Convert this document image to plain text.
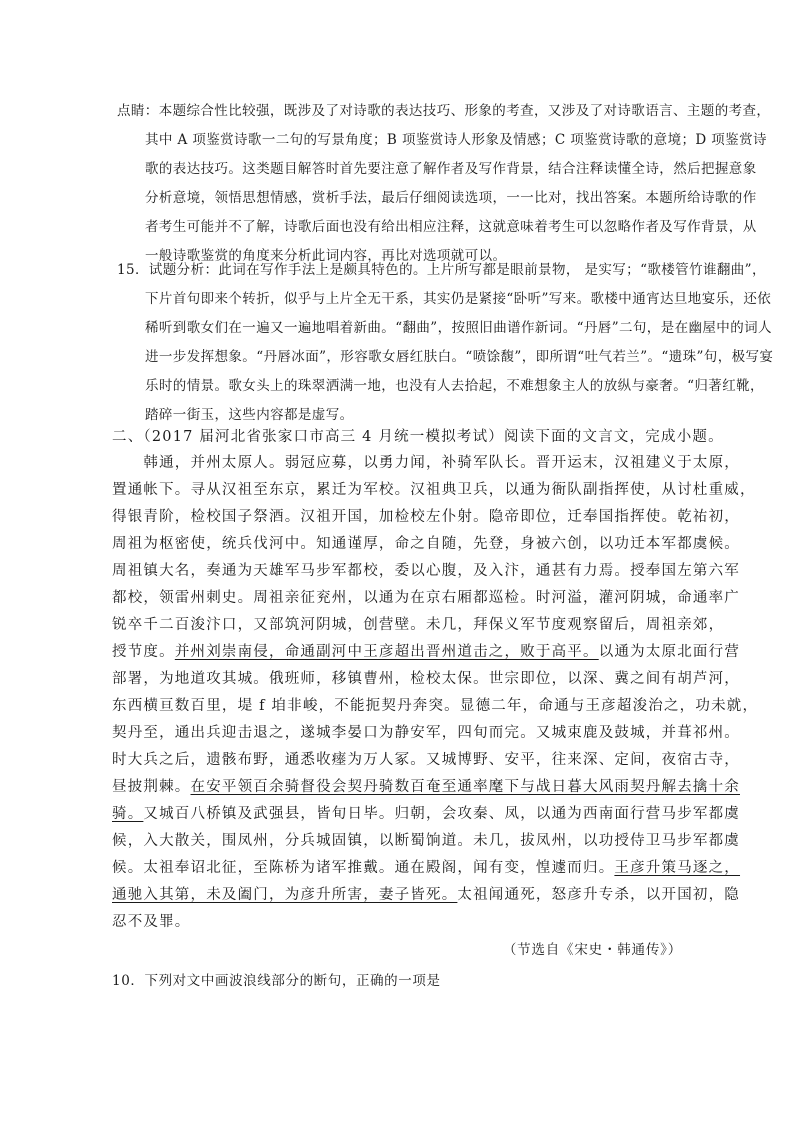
点睛：本题综合性比较强，既涉及了对诗歌的表达技巧、形象的考查，又涉及了对诗歌语言、主题的考查，
其中 A 项鉴赏诗歌一二句的写景角度；B 项鉴赏诗人形象及情感；C 项鉴赏诗歌的意境；D 项鉴赏诗
歌的表达技巧。这类题目解答时首先要注意了解作者及写作背景，结合注释读懂全诗，然后把握意象
分析意境，领悟思想情感，赏析手法，最后仔细阅读选项，一一比对，找出答案。本题所给诗歌的作
者考生可能并不了解，诗歌后面也没有给出相应注释，这就意味着考生可以忽略作者及写作背景，从
一般诗歌鉴赏的角度来分析此词内容，再比对选项就可以。
15．试题分析：此词在写作手法上是颇具特色的。上片所写都是眼前景物， 是实写；“歌楼管竹谁翻曲”，
下片首句即来个转折，似乎与上片全无干系，其实仍是紧接“卧听”写来。歌楼中通宵达旦地宴乐，还依
稀听到歌女们在一遍又一遍地唱着新曲。“翻曲”，按照旧曲谱作新词。“丹唇”二句，是在幽屋中的词人
进一步发挥想象。“丹唇冰面”，形容歌女唇红肤白。“喷馀馥”，即所谓“吐气若兰”。“遗珠”句，极写宴
乐时的情景。歌女头上的珠翠洒满一地，也没有人去拾起，不难想象主人的放纵与豪奢。“归著红靴，
踏碎一街玉，这些内容都是虚写。
二、（2017 届河北省张家口市高三 4 月统一模拟考试）阅读下面的文言文，完成小题。
　　韩通，并州太原人。弱冠应募，以勇力闻，补骑军队长。晋开运末，汉祖建义于太原，
置通帐下。寻从汉祖至东京，累迁为军校。汉祖典卫兵，以通为衙队副指挥使，从讨杜重威，
得银青阶，检校国子祭酒。汉祖开国，加检校左仆射。隐帝即位，迁奉国指挥使。乾祐初，
周祖为枢密使，统兵伐河中。知通谨厚，命之自随，先登，身被六创，以功迁本军都虞候。
周祖镇大名，奏通为天雄军马步军都校，委以心腹，及入汴，通甚有力焉。授奉国左第六军
都校，领雷州刺史。周祖亲征兖州，以通为在京右厢都巡检。时河溢，灌河阴城，命通率广
锐卒千二百浚汴口，又部筑河阴城，创营壁。未几，拜保义军节度观察留后，周祖亲郊，
授节度。并州刘崇南侵，命通副河中王彦超出晋州道击之，败于高平。以通为太原北面行营
部署，为地道攻其城。俄班师，移镇曹州，检校太保。世宗即位，以深、冀之间有胡芦河，
东西横亘数百里，堤 f 垍非峻，不能扼契丹奔突。显德二年，命通与王彦超浚治之，功未就，
契丹至，通出兵迎击退之，遂城李晏口为静安军，四旬而完。又城束鹿及鼓城，并葺祁州。
时大兵之后，遗骸布野，通悉收瘗为万人冢。又城博野、安平，往来深、定间，夜宿古寺，
昼披荆棘。在安平领百余骑督役会契丹骑数百奄至通率麾下与战日暮大风雨契丹解去擒十余
骑。又城百八桥镇及武强县，皆旬日毕。归朝，会攻秦、凤，以通为西南面行营马步军都虞
候，入大散关，围凤州，分兵城固镇，以断蜀饷道。未几，拔凤州，以功授侍卫马步军都虞
候。太祖奉诏北征，至陈桥为诸军推戴。通在殿阁，闻有变，惶遽而归。王彦升策马逐之，
通驰入其第，未及阖门，为彦升所害，妻子皆死。太祖闻通死，怒彦升专杀，以开国初，隐
忍不及罪。
（节选自《宋史・韩通传》）
10．下列对文中画波浪线部分的断句，正确的一项是
